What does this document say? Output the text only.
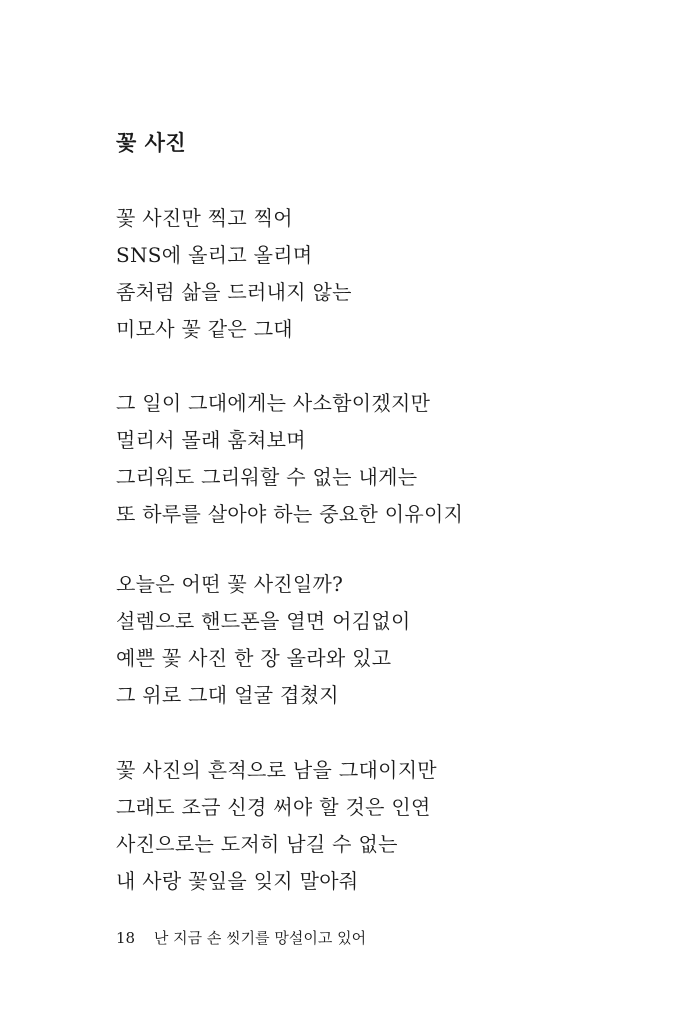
꽃 사진
꽃 사진만 찍고 찍어
SNS에 올리고 올리며
좀처럼 삶을 드러내지 않는
미모사 꽃 같은 그대
그 일이 그대에게는 사소함이겠지만
멀리서 몰래 훔쳐보며
그리워도 그리워할 수 없는 내게는
또 하루를 살아야 하는 중요한 이유이지
오늘은 어떤 꽃 사진일까?
설렘으로 핸드폰을 열면 어김없이
예쁜 꽃 사진 한 장 올라와 있고
그 위로 그대 얼굴 겹쳤지
꽃 사진의 흔적으로 남을 그대이지만
그래도 조금 신경 써야 할 것은 인연
사진으로는 도저히 남길 수 없는
내 사랑 꽃잎을 잊지 말아줘
18 난 지금 손 씻기를 망설이고 있어
